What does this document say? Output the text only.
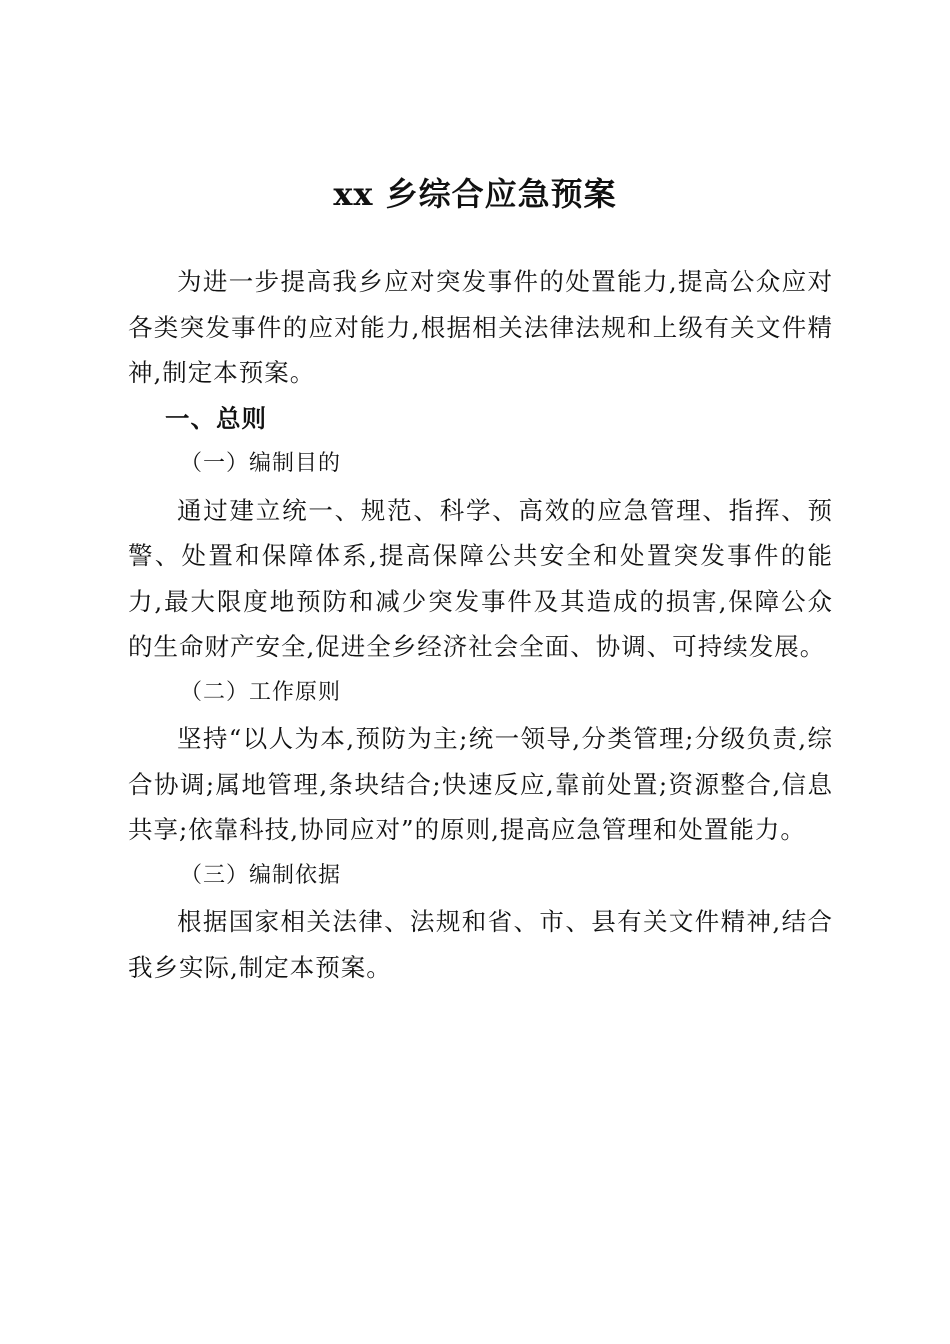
xx 乡综合应急预案

为进一步提高我乡应对突发事件的处置能力,提高公众应对各类突发事件的应对能力,根据相关法律法规和上级有关文件精神,制定本预案。

一、总则

（一）编制目的

通过建立统一、规范、科学、高效的应急管理、指挥、预警、处置和保障体系,提高保障公共安全和处置突发事件的能力,最大限度地预防和减少突发事件及其造成的损害,保障公众的生命财产安全,促进全乡经济社会全面、协调、可持续发展。

（二）工作原则

坚持“以人为本,预防为主;统一领导,分类管理;分级负责,综合协调;属地管理,条块结合;快速反应,靠前处置;资源整合,信息共享;依靠科技,协同应对”的原则,提高应急管理和处置能力。

（三）编制依据

根据国家相关法律、法规和省、市、县有关文件精神,结合我乡实际,制定本预案。
